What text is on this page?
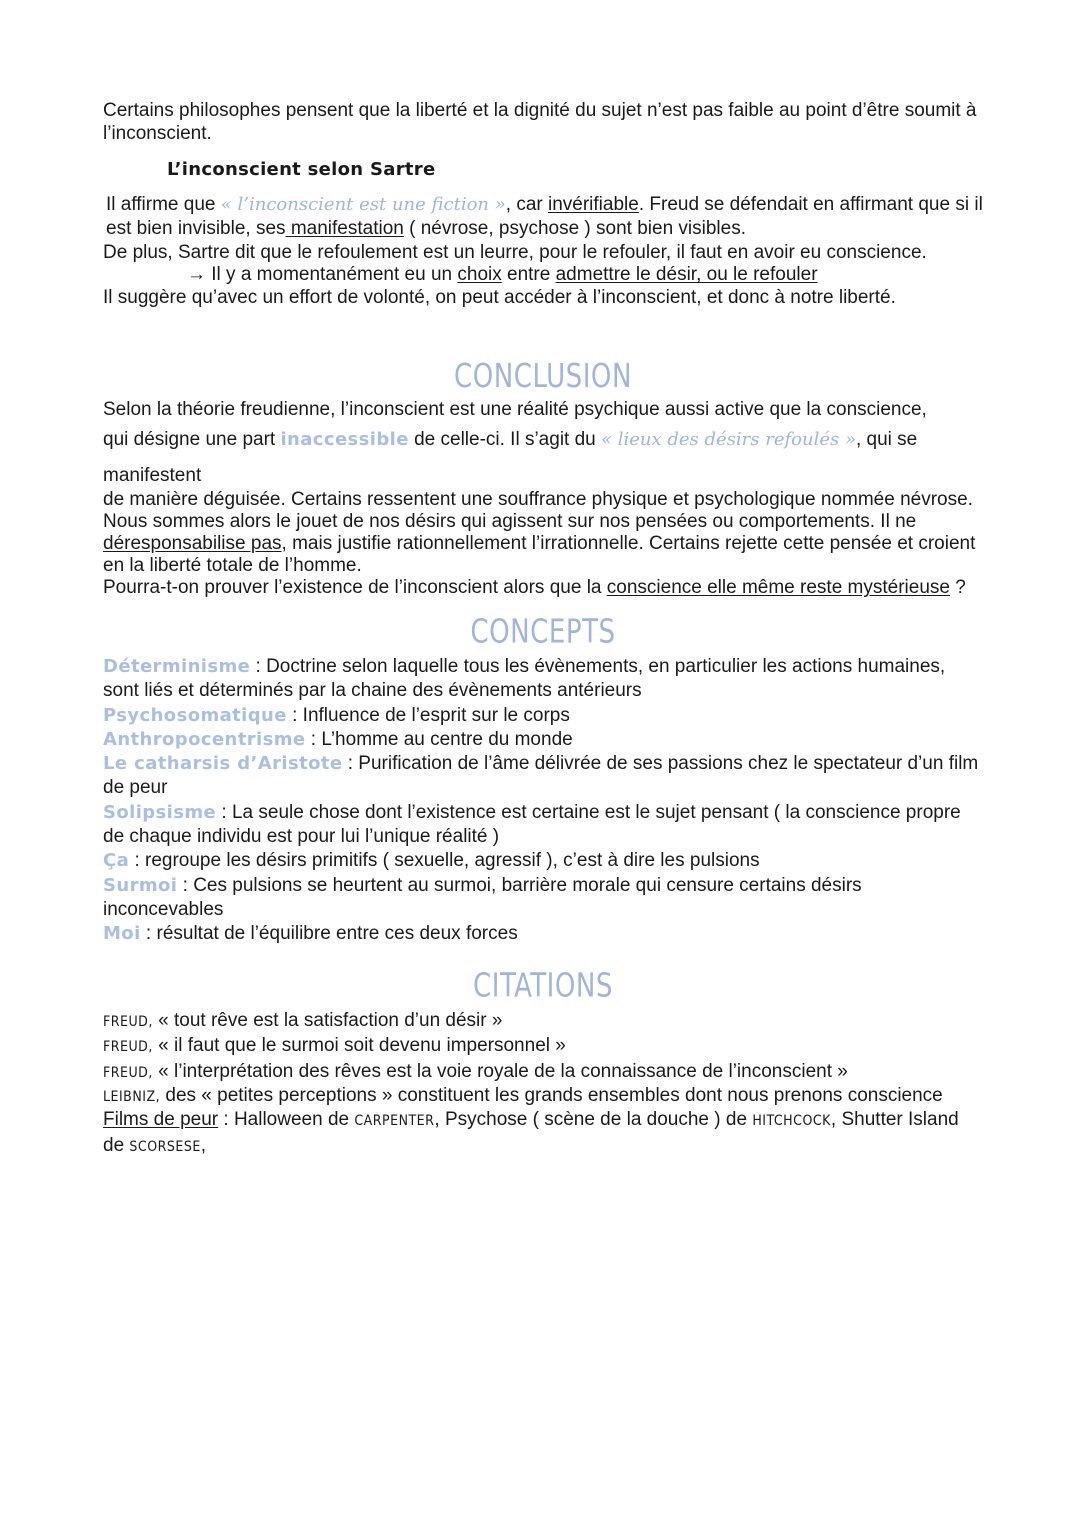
Certains philosophes pensent que la liberté et la dignité du sujet n’est pas faible au point d’être soumit à l’inconscient.

L’inconscient selon Sartre

Il affirme que « l’inconscient est une fiction », car invérifiable. Freud se défendait en affirmant que si il est bien invisible, ses manifestation ( névrose, psychose ) sont bien visibles.

De plus, Sartre dit que le refoulement est un leurre, pour le refouler, il faut en avoir eu conscience.

→ Il y a momentanément eu un choix entre admettre le désir, ou le refouler

Il suggère qu’avec un effort de volonté, on peut accéder à l’inconscient, et donc à notre liberté.

CONCLUSION

Selon la théorie freudienne, l’inconscient est une réalité psychique aussi active que la conscience,

qui désigne une part inaccessible de celle-ci. Il s’agit du « lieux des désirs refoulés », qui se manifestent

de manière déguisée. Certains ressentent une souffrance physique et psychologique nommée névrose. Nous sommes alors le jouet de nos désirs qui agissent sur nos pensées ou comportements. Il ne déresponsabilise pas, mais justifie rationnellement l’irrationnelle. Certains rejette cette pensée et croient en la liberté totale de l’homme.

Pourra-t-on prouver l’existence de l’inconscient alors que la conscience elle même reste mystérieuse ?

CONCEPTS

Déterminisme : Doctrine selon laquelle tous les évènements, en particulier les actions humaines, sont liés et déterminés par la chaine des évènements antérieurs

Psychosomatique : Influence de l’esprit sur le corps

Anthropocentrisme : L’homme au centre du monde

Le catharsis d’Aristote : Purification de l’âme délivrée de ses passions chez le spectateur d’un film de peur

Solipsisme : La seule chose dont l’existence est certaine est le sujet pensant ( la conscience propre de chaque individu est pour lui l’unique réalité )

Ça : regroupe les désirs primitifs ( sexuelle, agressif ), c’est à dire les pulsions

Surmoi : Ces pulsions se heurtent au surmoi, barrière morale qui censure certains désirs inconcevables

Moi : résultat de l’équilibre entre ces deux forces

CITATIONS

FREUD, « tout rêve est la satisfaction d’un désir »

FREUD, « il faut que le surmoi soit devenu impersonnel »

FREUD, « l’interprétation des rêves est la voie royale de la connaissance de l’inconscient »

LEIBNIZ, des « petites perceptions » constituent les grands ensembles dont nous prenons conscience

Films de peur : Halloween de CARPENTER, Psychose ( scène de la douche ) de HITCHCOCK, Shutter Island de SCORSESE,
